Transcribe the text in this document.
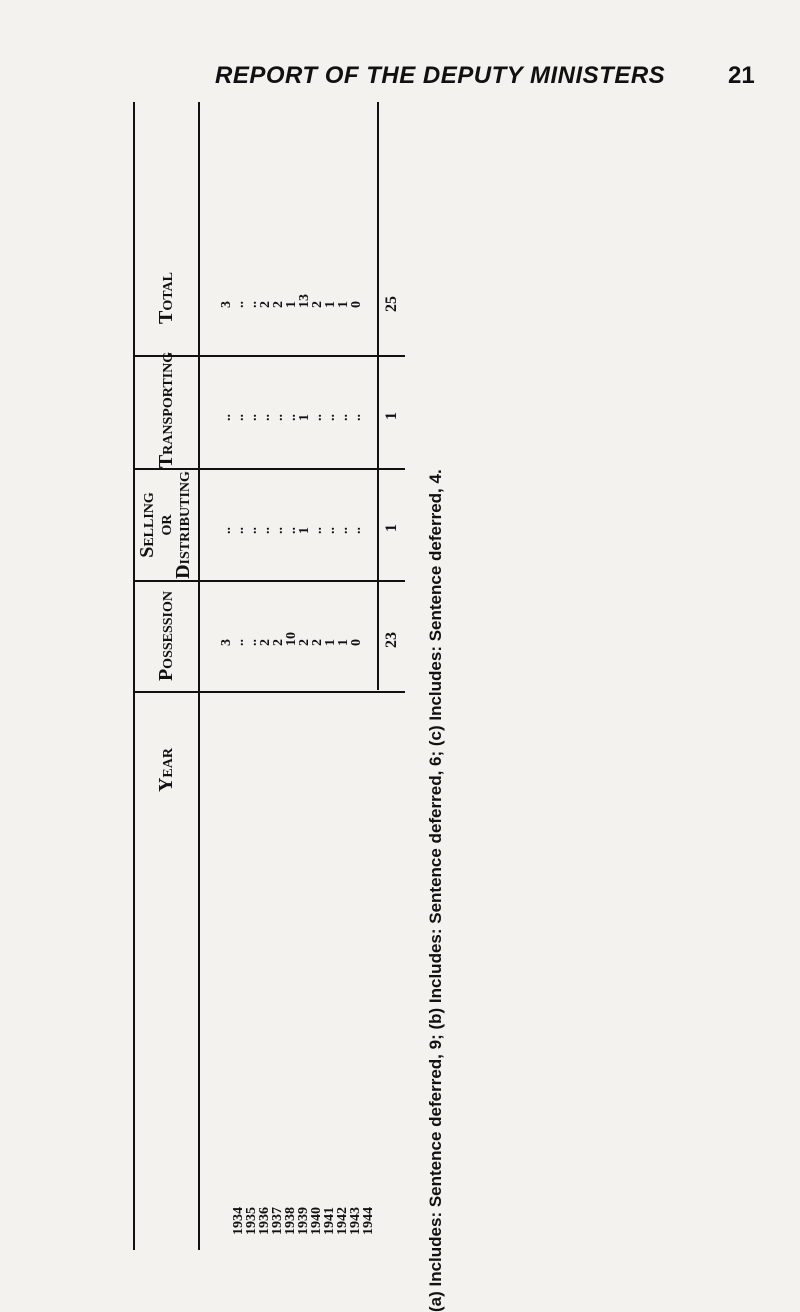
REPORT OF THE DEPUTY MINISTERS	21
Total
Transporting
Selling
or
Distributing
Possession
Year
1934
1935
1936
1937
1938
1939
1940
1941
1942
1943
1944
3
..
..
2
2
10
2
2
1
1
0
..
..
..
..
..
..
1
..
..
..
..
..
..
..
..
..
..
1
..
..
..
..
3
..
..
2
2
1
13
2
1
1
0
23
1
1
25
(a) Includes: Sentence deferred, 9; (b) Includes: Sentence deferred, 6; (c) Includes: Sentence deferred, 4.
